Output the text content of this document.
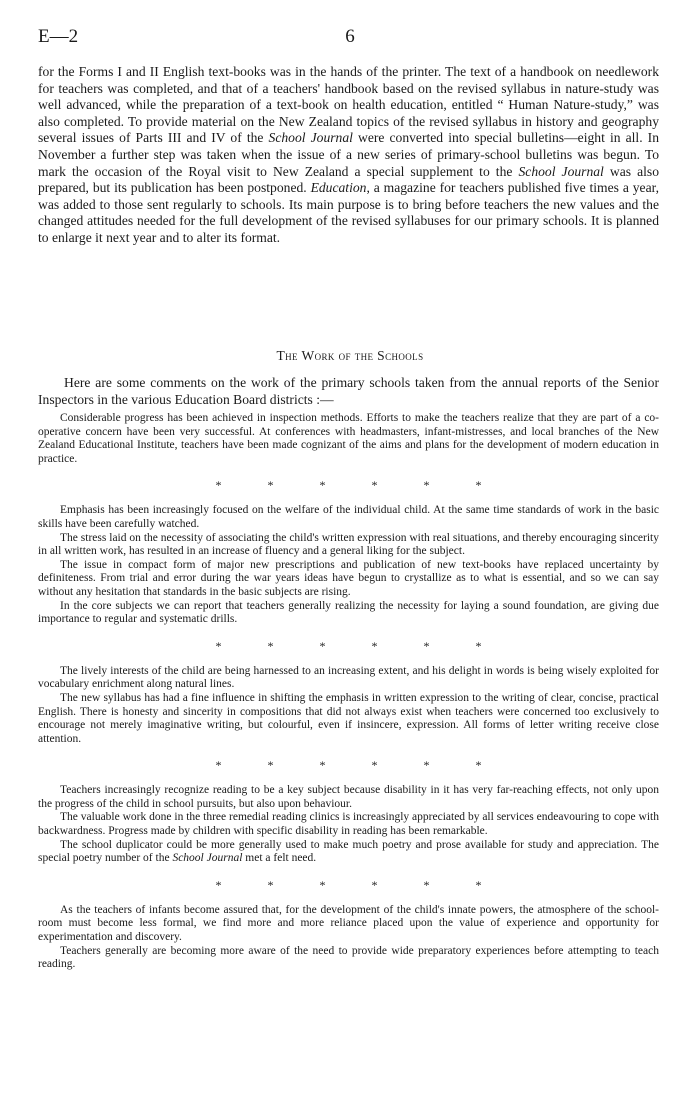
E—2	6

for the Forms I and II English text-books was in the hands of the printer. The text of a handbook on needlework for teachers was completed, and that of a teachers' handbook based on the revised syllabus in nature-study was well advanced, while the preparation of a text-book on health education, entitled “ Human Nature-study,” was also completed. To provide material on the New Zealand topics of the revised syllabus in history and geography several issues of Parts III and IV of the School Journal were converted into special bulletins—eight in all. In November a further step was taken when the issue of a new series of primary-school bulletins was begun. To mark the occasion of the Royal visit to New Zealand a special supplement to the School Journal was also prepared, but its publication has been postponed. Education, a magazine for teachers published five times a year, was added to those sent regularly to schools. Its main purpose is to bring before teachers the new values and the changed attitudes needed for the full development of the revised syllabuses for our primary schools. It is planned to enlarge it next year and to alter its format.

The Work of the Schools

Here are some comments on the work of the primary schools taken from the annual reports of the Senior Inspectors in the various Education Board districts :—

Considerable progress has been achieved in inspection methods. Efforts to make the teachers realize that they are part of a co-operative concern have been very successful. At conferences with headmasters, infant-mistresses, and local branches of the New Zealand Educational Institute, teachers have been made cognizant of the aims and plans for the development of modern education in practice.

*	*	*	*	*	*

Emphasis has been increasingly focused on the welfare of the individual child. At the same time standards of work in the basic skills have been carefully watched.

The stress laid on the necessity of associating the child's written expression with real situations, and thereby encouraging sincerity in all written work, has resulted in an increase of fluency and a general liking for the subject.

The issue in compact form of major new prescriptions and publication of new text-books have replaced uncertainty by definiteness. From trial and error during the war years ideas have begun to crystallize as to what is essential, and so we can say without any hesitation that standards in the basic subjects are rising.

In the core subjects we can report that teachers generally realizing the necessity for laying a sound foundation, are giving due importance to regular and systematic drills.

*	*	*	*	*	*

The lively interests of the child are being harnessed to an increasing extent, and his delight in words is being wisely exploited for vocabulary enrichment along natural lines.

The new syllabus has had a fine influence in shifting the emphasis in written expression to the writing of clear, concise, practical English. There is honesty and sincerity in compositions that did not always exist when teachers were concerned too exclusively to encourage not merely imaginative writing, but colourful, even if insincere, expression. All forms of letter writing receive close attention.

*	*	*	*	*	*

Teachers increasingly recognize reading to be a key subject because disability in it has very far-reaching effects, not only upon the progress of the child in school pursuits, but also upon behaviour.

The valuable work done in the three remedial reading clinics is increasingly appreciated by all services endeavouring to cope with backwardness. Progress made by children with specific disability in reading has been remarkable.

The school duplicator could be more generally used to make much poetry and prose available for study and appreciation. The special poetry number of the School Journal met a felt need.

*	*	*	*	*	*

As the teachers of infants become assured that, for the development of the child's innate powers, the atmosphere of the school-room must become less formal, we find more and more reliance placed upon the value of experience and opportunity for experimentation and discovery.

Teachers generally are becoming more aware of the need to provide wide preparatory experiences before attempting to teach reading.
